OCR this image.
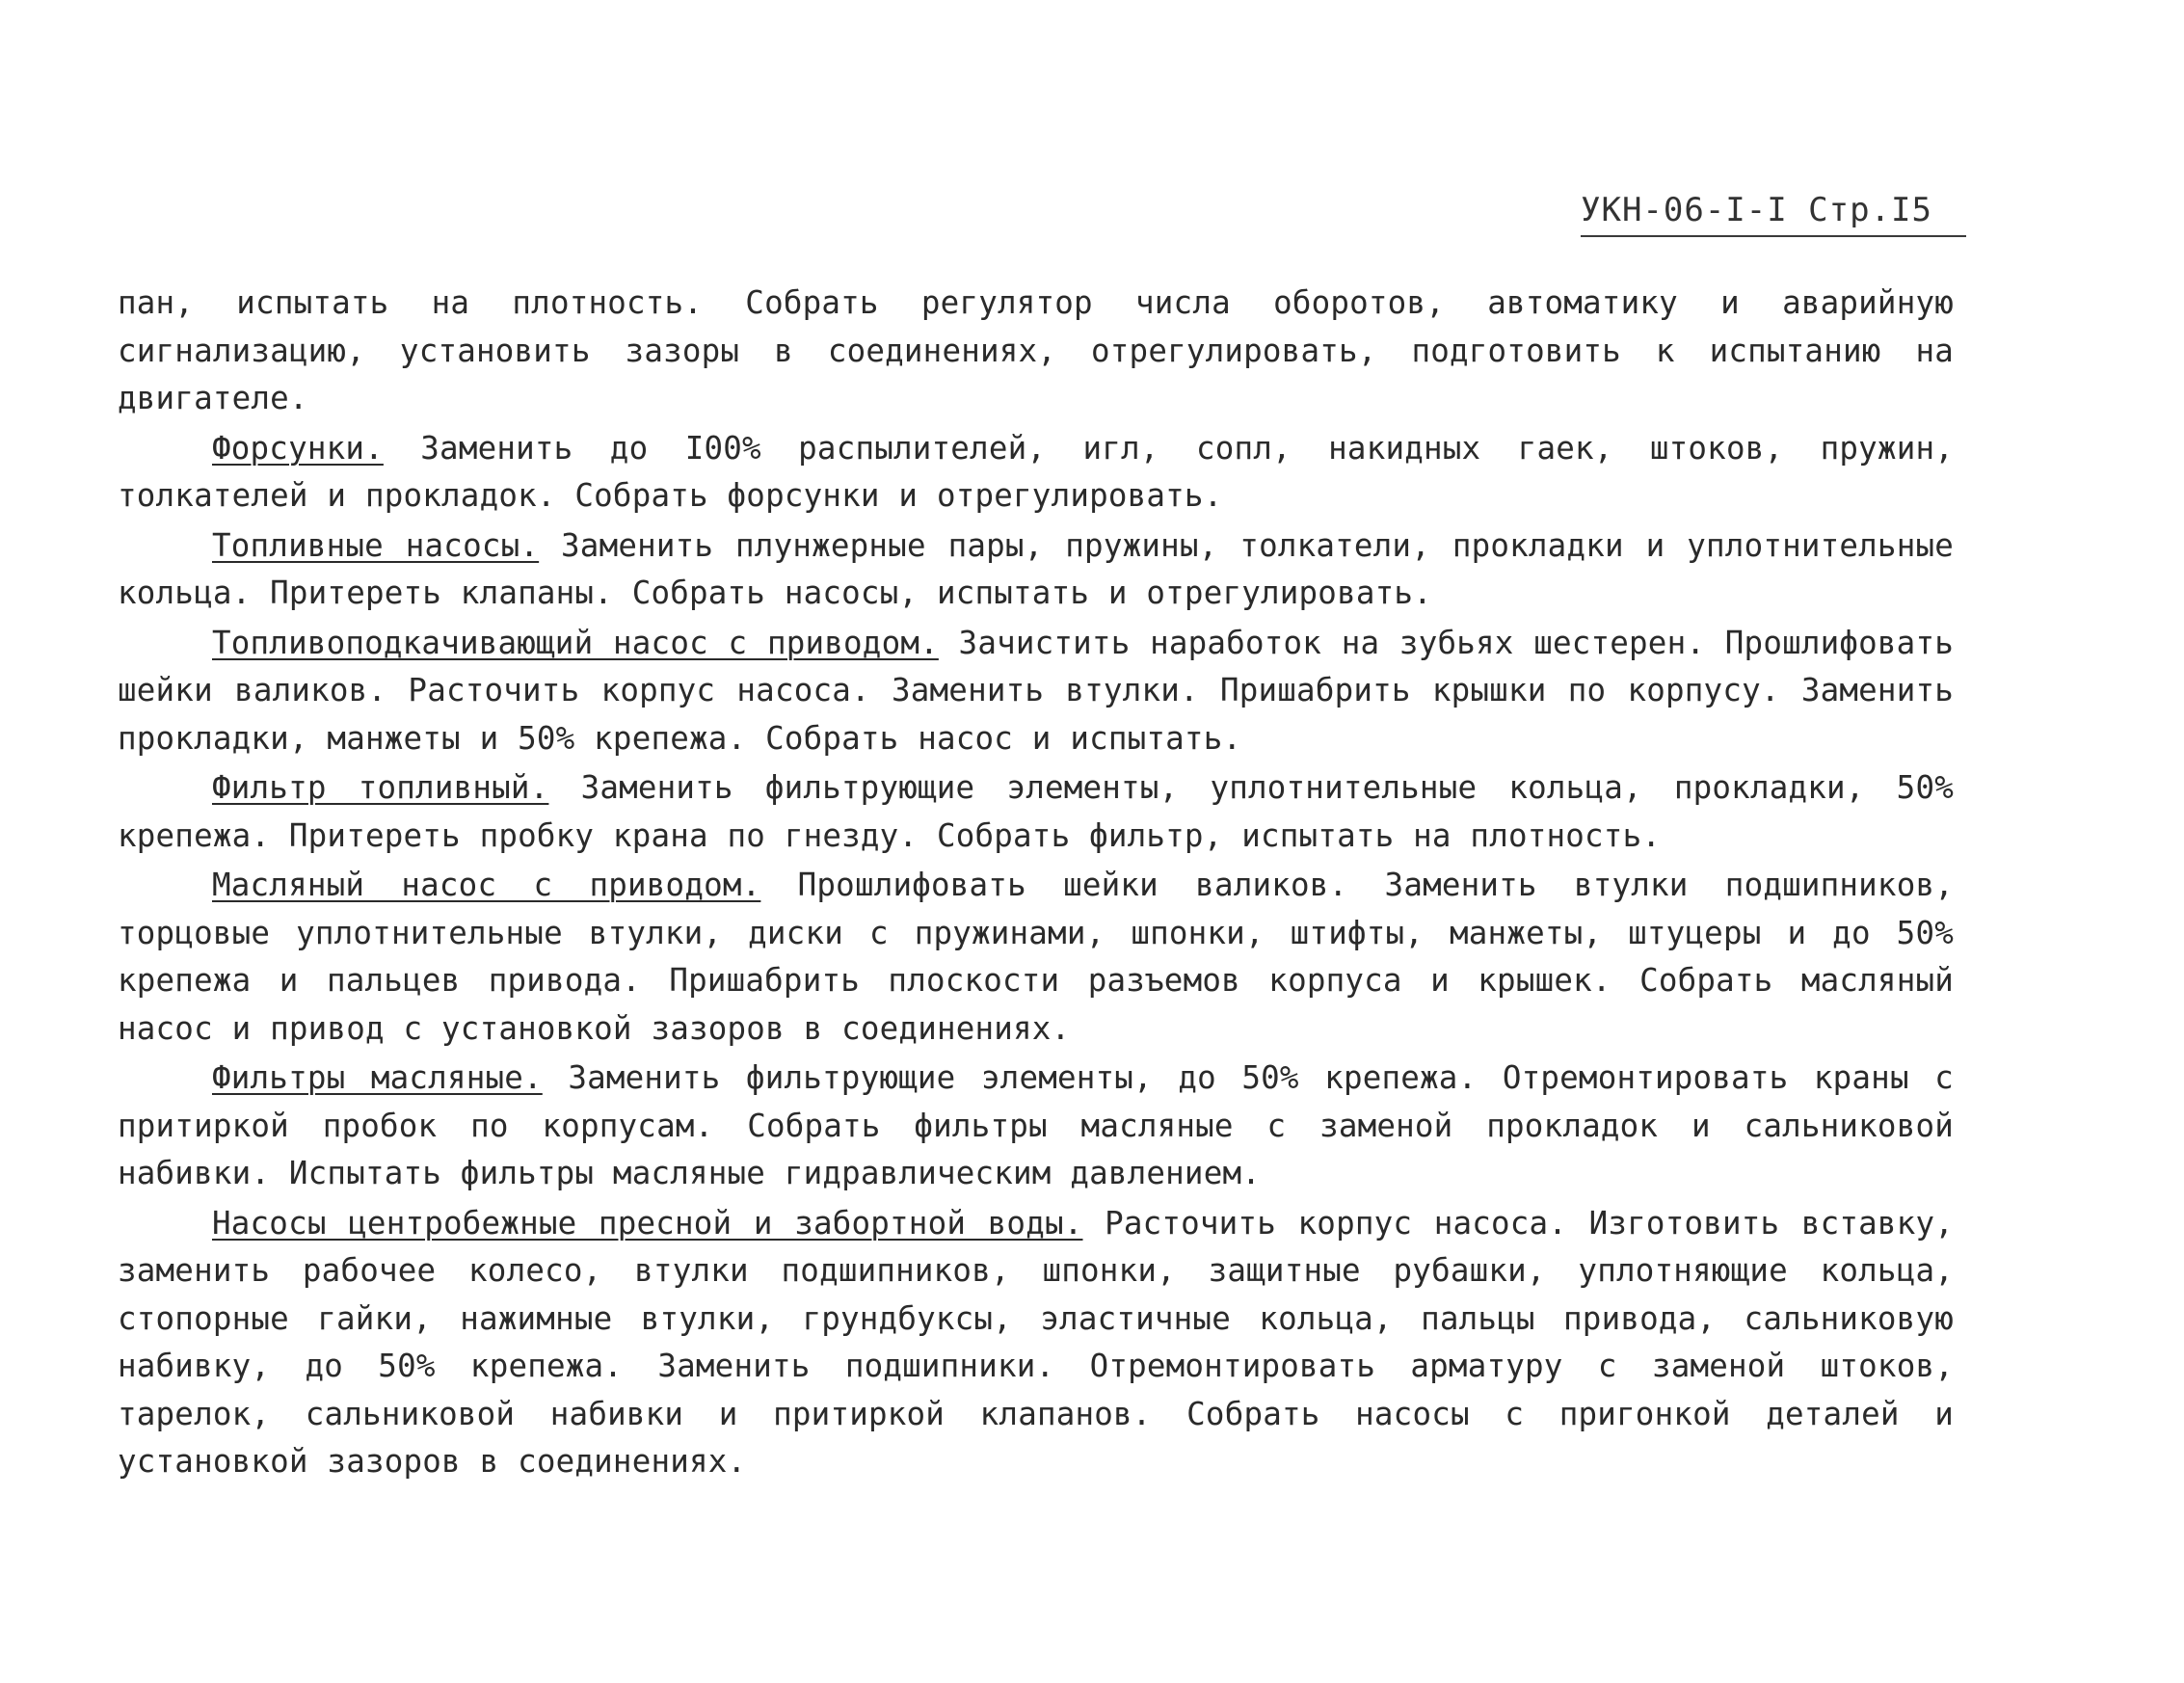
УКН-06-I-I Стр.I5

пан, испытать на плотность. Собрать регулятор числа оборотов, автоматику и аварийную сигнализацию, установить зазоры в соединениях, отрегулировать, подготовить к испытанию на двигателе.

Форсунки. Заменить до I00% распылителей, игл, сопл, накидных гаек, штоков, пружин, толкателей и прокладок. Собрать форсунки и отрегулировать.

Топливные насосы. Заменить плунжерные пары, пружины, толкатели, прокладки и уплотнительные кольца. Притереть клапаны. Собрать насосы, испытать и отрегулировать.

Топливоподкачивающий насос с приводом. Зачистить наработок на зубьях шестерен. Прошлифовать шейки валиков. Расточить корпус насоса. Заменить втулки. Пришабрить крышки по корпусу. Заменить прокладки, манжеты и 50% крепежа. Собрать насос и испытать.

Фильтр топливный. Заменить фильтрующие элементы, уплотнительные кольца, прокладки, 50% крепежа. Притереть пробку крана по гнезду. Собрать фильтр, испытать на плотность.

Масляный насос с приводом. Прошлифовать шейки валиков. Заменить втулки подшипников, торцовые уплотнительные втулки, диски с пружинами, шпонки, штифты, манжеты, штуцеры и до 50% крепежа и пальцев привода. Пришабрить плоскости разъемов корпуса и крышек. Собрать масляный насос и привод с установкой зазоров в соединениях.

Фильтры масляные. Заменить фильтрующие элементы, до 50% крепежа. Отремонтировать краны с притиркой пробок по корпусам. Собрать фильтры масляные с заменой прокладок и сальниковой набивки. Испытать фильтры масляные гидравлическим давлением.

Насосы центробежные пресной и забортной воды. Расточить корпус насоса. Изготовить вставку, заменить рабочее колесо, втулки подшипников, шпонки, защитные рубашки, уплотняющие кольца, стопорные гайки, нажимные втулки, грундбуксы, эластичные кольца, пальцы привода, сальниковую набивку, до 50% крепежа. Заменить подшипники. Отремонтировать арматуру с заменой штоков, тарелок, сальниковой набивки и притиркой клапанов. Собрать насосы с пригонкой деталей и установкой зазоров в соединениях.
